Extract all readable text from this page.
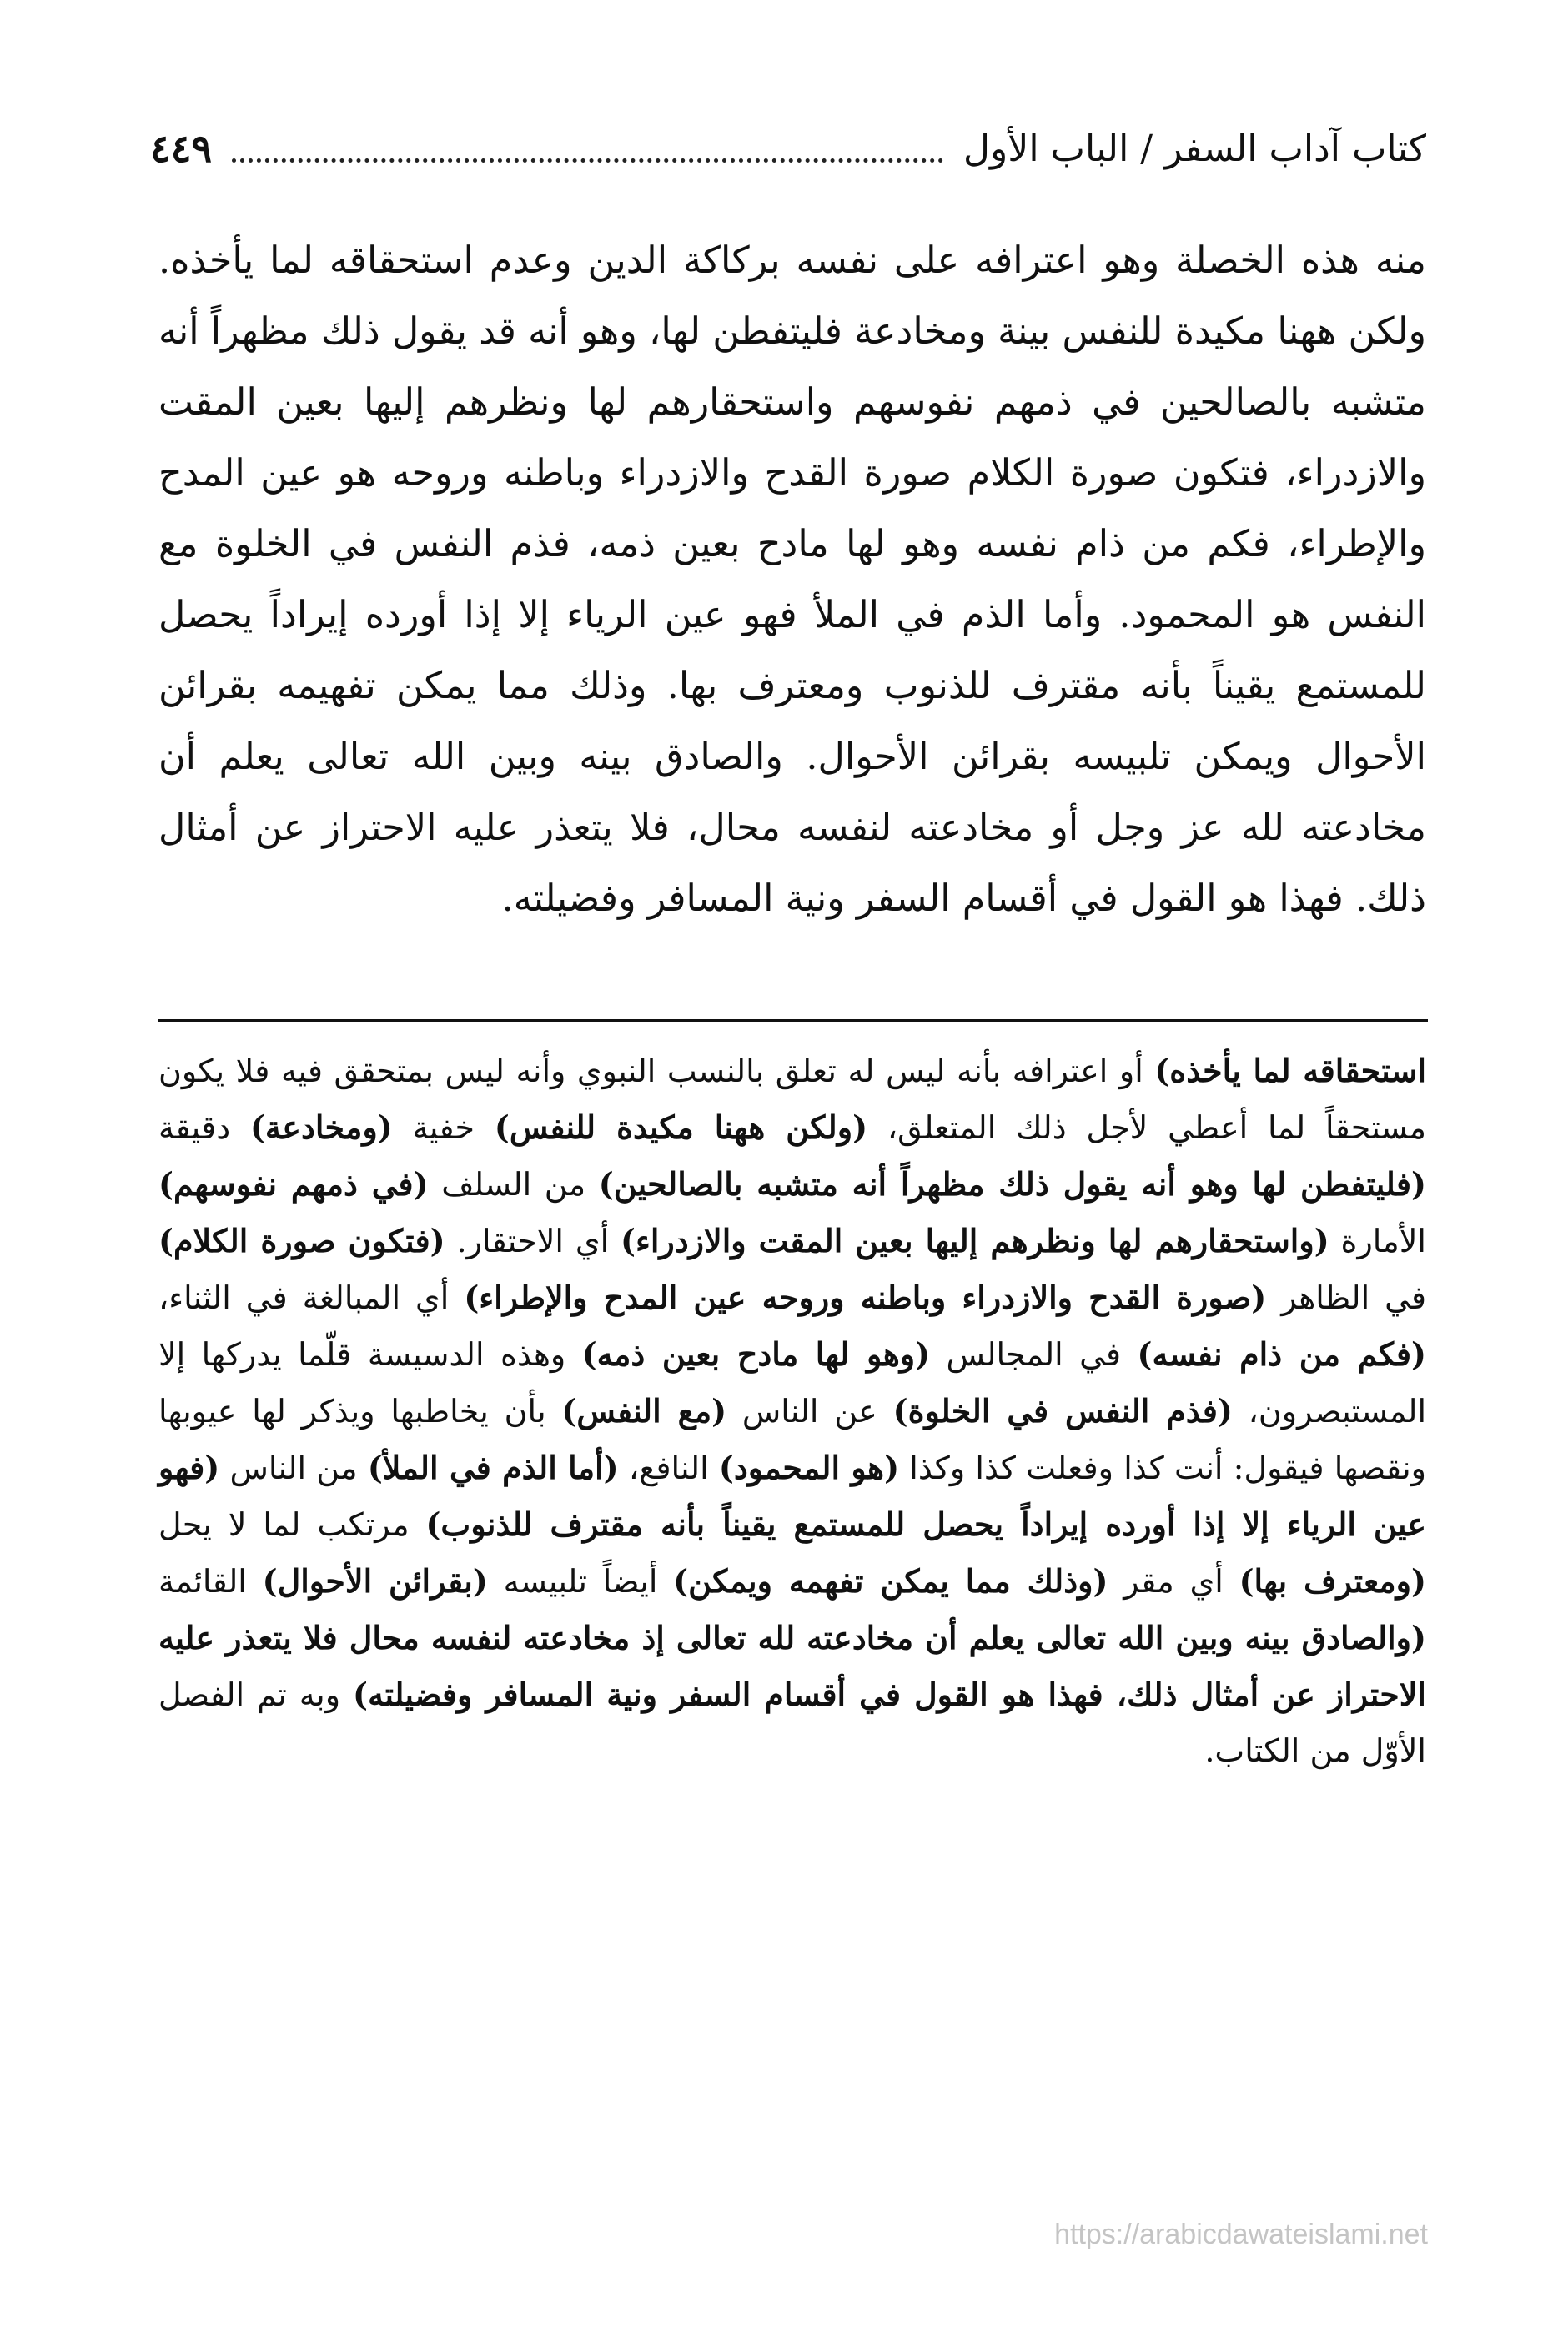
كتاب آداب السفر / الباب الأول
٤٤٩

منه هذه الخصلة وهو اعترافه على نفسه بركاكة الدين وعدم استحقاقه لما يأخذه. ولكن ههنا مكيدة للنفس بينة ومخادعة فليتفطن لها، وهو أنه قد يقول ذلك مظهراً أنه متشبه بالصالحين في ذمهم نفوسهم واستحقارهم لها ونظرهم إليها بعين المقت والازدراء، فتكون صورة الكلام صورة القدح والازدراء وباطنه وروحه هو عين المدح والإطراء، فكم من ذام نفسه وهو لها مادح بعين ذمه، فذم النفس في الخلوة مع النفس هو المحمود. وأما الذم في الملأ فهو عين الرياء إلا إذا أورده إيراداً يحصل للمستمع يقيناً بأنه مقترف للذنوب ومعترف بها. وذلك مما يمكن تفهيمه بقرائن الأحوال ويمكن تلبيسه بقرائن الأحوال. والصادق بينه وبين الله تعالى يعلم أن مخادعته لله عز وجل أو مخادعته لنفسه محال، فلا يتعذر عليه الاحتراز عن أمثال ذلك. فهذا هو القول في أقسام السفر ونية المسافر وفضيلته.

استحقاقه لما يأخذه) أو اعترافه بأنه ليس له تعلق بالنسب النبوي وأنه ليس بمتحقق فيه فلا يكون مستحقاً لما أعطي لأجل ذلك المتعلق، (ولكن ههنا مكيدة للنفس) خفية (ومخادعة) دقيقة (فليتفطن لها وهو أنه يقول ذلك مظهراً أنه متشبه بالصالحين) من السلف (في ذمهم نفوسهم) الأمارة (واستحقارهم لها ونظرهم إليها بعين المقت والازدراء) أي الاحتقار. (فتكون صورة الكلام) في الظاهر (صورة القدح والازدراء وباطنه وروحه عين المدح والإطراء) أي المبالغة في الثناء، (فكم من ذام نفسه) في المجالس (وهو لها مادح بعين ذمه) وهذه الدسيسة قلّما يدركها إلا المستبصرون، (فذم النفس في الخلوة) عن الناس (مع النفس) بأن يخاطبها ويذكر لها عيوبها ونقصها فيقول: أنت كذا وفعلت كذا وكذا (هو المحمود) النافع، (أما الذم في الملأ) من الناس (فهو عين الرياء إلا إذا أورده إيراداً يحصل للمستمع يقيناً بأنه مقترف للذنوب) مرتكب لما لا يحل (ومعترف بها) أي مقر (وذلك مما يمكن تفهمه ويمكن) أيضاً تلبيسه (بقرائن الأحوال) القائمة (والصادق بينه وبين الله تعالى يعلم أن مخادعته لله تعالى إذ مخادعته لنفسه محال فلا يتعذر عليه الاحتراز عن أمثال ذلك، فهذا هو القول في أقسام السفر ونية المسافر وفضيلته) وبه تم الفصل الأوّل من الكتاب.

https://arabicdawateislami.net
